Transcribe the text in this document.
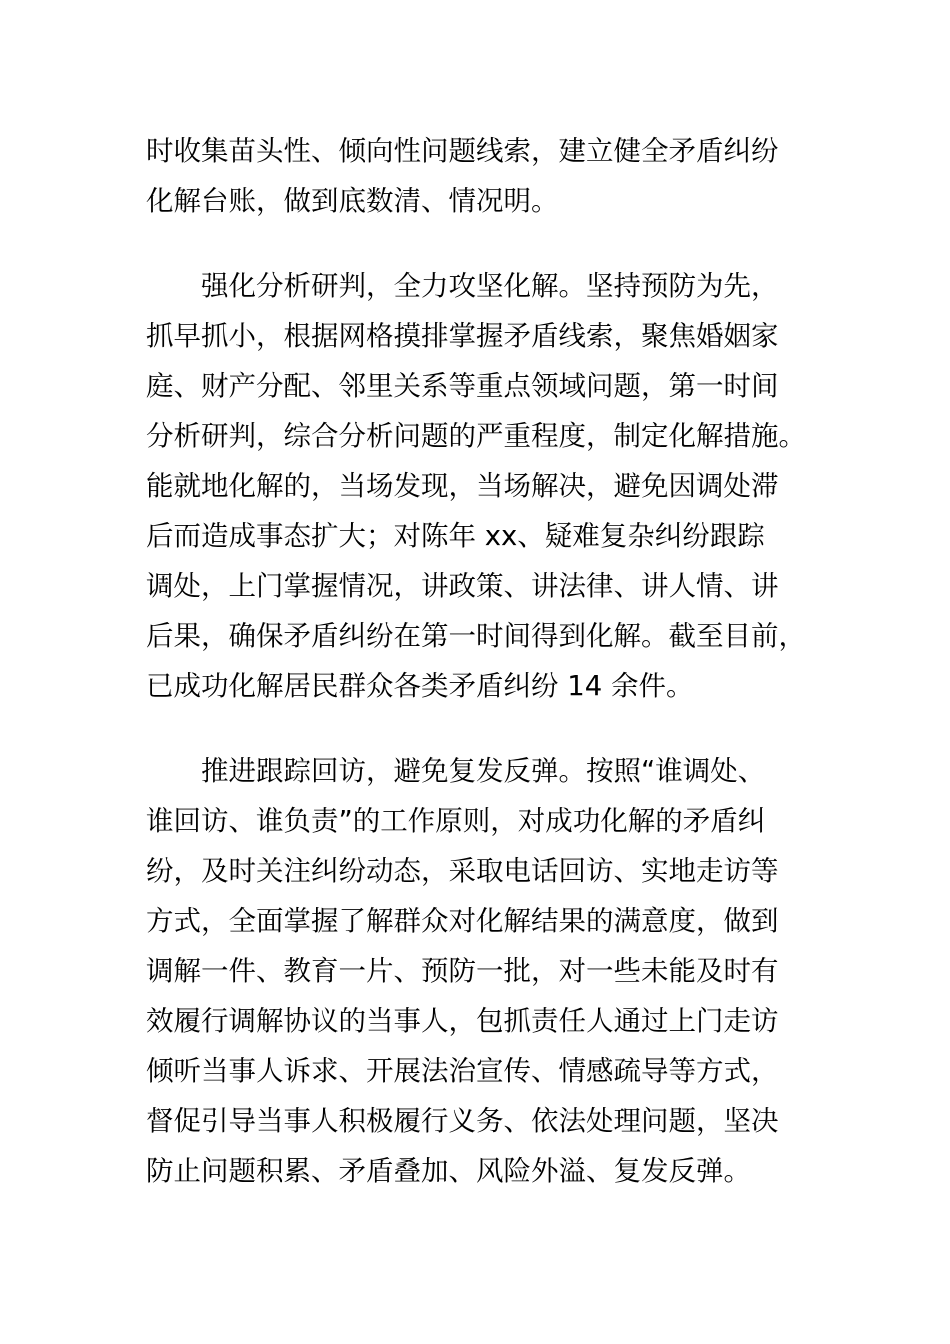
时收集苗头性、倾向性问题线索，建立健全矛盾纠纷
化解台账，做到底数清、情况明。
强化分析研判，全力攻坚化解。坚持预防为先，
抓早抓小，根据网格摸排掌握矛盾线索，聚焦婚姻家
庭、财产分配、邻里关系等重点领域问题，第一时间
分析研判，综合分析问题的严重程度，制定化解措施。
能就地化解的，当场发现，当场解决，避免因调处滞
后而造成事态扩大；对陈年 xx、疑难复杂纠纷跟踪
调处，上门掌握情况，讲政策、讲法律、讲人情、讲
后果，确保矛盾纠纷在第一时间得到化解。截至目前，
已成功化解居民群众各类矛盾纠纷 14 余件。
推进跟踪回访，避免复发反弹。按照“谁调处、
谁回访、谁负责”的工作原则，对成功化解的矛盾纠
纷，及时关注纠纷动态，采取电话回访、实地走访等
方式，全面掌握了解群众对化解结果的满意度，做到
调解一件、教育一片、预防一批，对一些未能及时有
效履行调解协议的当事人，包抓责任人通过上门走访
倾听当事人诉求、开展法治宣传、情感疏导等方式，
督促引导当事人积极履行义务、依法处理问题，坚决
防止问题积累、矛盾叠加、风险外溢、复发反弹。
